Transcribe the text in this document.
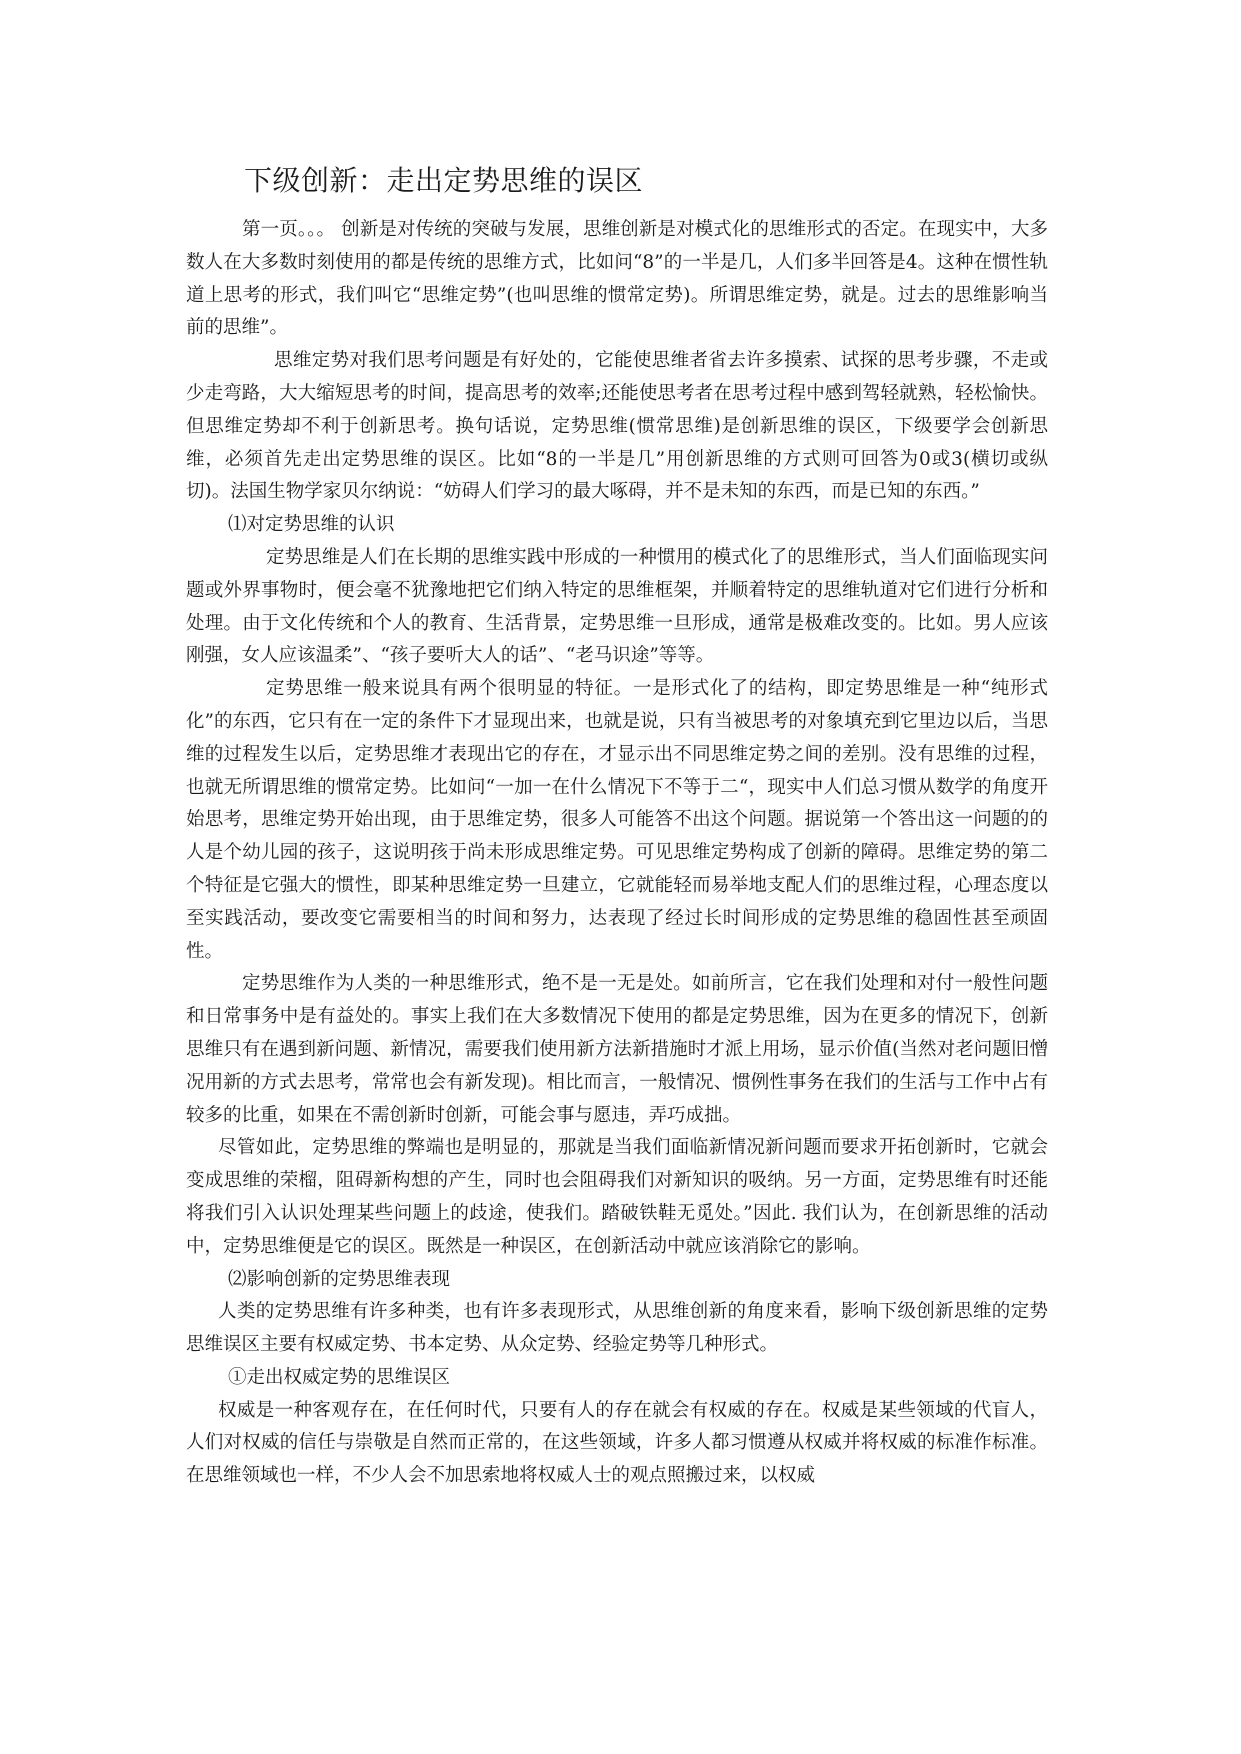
下级创新：走出定势思维的误区

第一页。。。 创新是对传统的突破与发展，思维创新是对模式化的思维形式的否定。在现实中，大多数人在大多数时刻使用的都是传统的思维方式，比如问“8”的一半是几，人们多半回答是4。这种在惯性轨道上思考的形式，我们叫它“思维定势”(也叫思维的惯常定势)。所谓思维定势，就是。过去的思维影响当前的思维”。

思维定势对我们思考问题是有好处的，它能使思维者省去许多摸索、试探的思考步骤，不走或少走弯路，大大缩短思考的时间，提高思考的效率;还能使思考者在思考过程中感到驾轻就熟，轻松愉快。但思维定势却不利于创新思考。换句话说，定势思维(惯常思维)是创新思维的误区，下级要学会创新思维，必须首先走出定势思维的误区。比如“8的一半是几”用创新思维的方式则可回答为0或3(横切或纵切)。法国生物学家贝尔纳说：“妨碍人们学习的最大啄碍，并不是未知的东西，而是已知的东西。”

⑴对定势思维的认识

定势思维是人们在长期的思维实践中形成的一种惯用的模式化了的思维形式，当人们面临现实问题或外界事物时，便会毫不犹豫地把它们纳入特定的思维框架，并顺着特定的思维轨道对它们进行分析和处理。由于文化传统和个人的教育、生活背景，定势思维一旦形成，通常是极难改变的。比如。男人应该刚强，女人应该温柔”、“孩子要听大人的话”、“老马识途”等等。

定势思维一般来说具有两个很明显的特征。一是形式化了的结构，即定势思维是一种“纯形式化”的东西，它只有在一定的条件下才显现出来，也就是说，只有当被思考的对象填充到它里边以后，当思维的过程发生以后，定势思维才表现出它的存在，才显示出不同思维定势之间的差别。没有思维的过程，也就无所谓思维的惯常定势。比如问“一加一在什么情况下不等于二“，现实中人们总习惯从数学的角度开始思考，思维定势开始出现，由于思维定势，很多人可能答不出这个问题。据说第一个答出这一问题的的人是个幼儿园的孩子，这说明孩于尚未形成思维定势。可见思维定势构成了创新的障碍。思维定势的第二个特征是它强大的惯性，即某种思维定势一旦建立，它就能轻而易举地支配人们的思维过程，心理态度以至实践活动，要改变它需要相当的时间和努力，达表现了经过长时间形成的定势思维的稳固性甚至顽固性。

定势思维作为人类的一种思维形式，绝不是一无是处。如前所言，它在我们处理和对付一般性问题和日常事务中是有益处的。事实上我们在大多数情况下使用的都是定势思维，因为在更多的情况下，创新思维只有在遇到新问题、新情况，需要我们使用新方法新措施时才派上用场，显示价值(当然对老问题旧憎况用新的方式去思考，常常也会有新发现)。相比而言，一般情况、惯例性事务在我们的生活与工作中占有较多的比重，如果在不需创新时创新，可能会事与愿违，弄巧成拙。

尽管如此，定势思维的弊端也是明显的，那就是当我们面临新情况新问题而要求开拓创新时，它就会变成思维的荣榴，阻碍新构想的产生，同时也会阻碍我们对新知识的吸纳。另一方面，定势思维有时还能将我们引入认识处理某些问题上的歧途，使我们。踏破铁鞋无觅处。”因此. 我们认为，在创新思维的活动中，定势思维便是它的误区。既然是一种误区，在创新活动中就应该消除它的影响。

⑵影响创新的定势思维表现

人类的定势思维有许多种类，也有许多表现形式，从思维创新的角度来看，影响下级创新思维的定势思维误区主要有权威定势、书本定势、从众定势、经验定势等几种形式。

①走出权威定势的思维误区

权威是一种客观存在，在任何时代，只要有人的存在就会有权威的存在。权威是某些领域的代盲人，人们对权威的信任与崇敬是自然而正常的，在这些领域，许多人都习惯遵从权威并将权威的标准作标准。在思维领域也一样，不少人会不加思索地将权威人士的观点照搬过来，以权威
